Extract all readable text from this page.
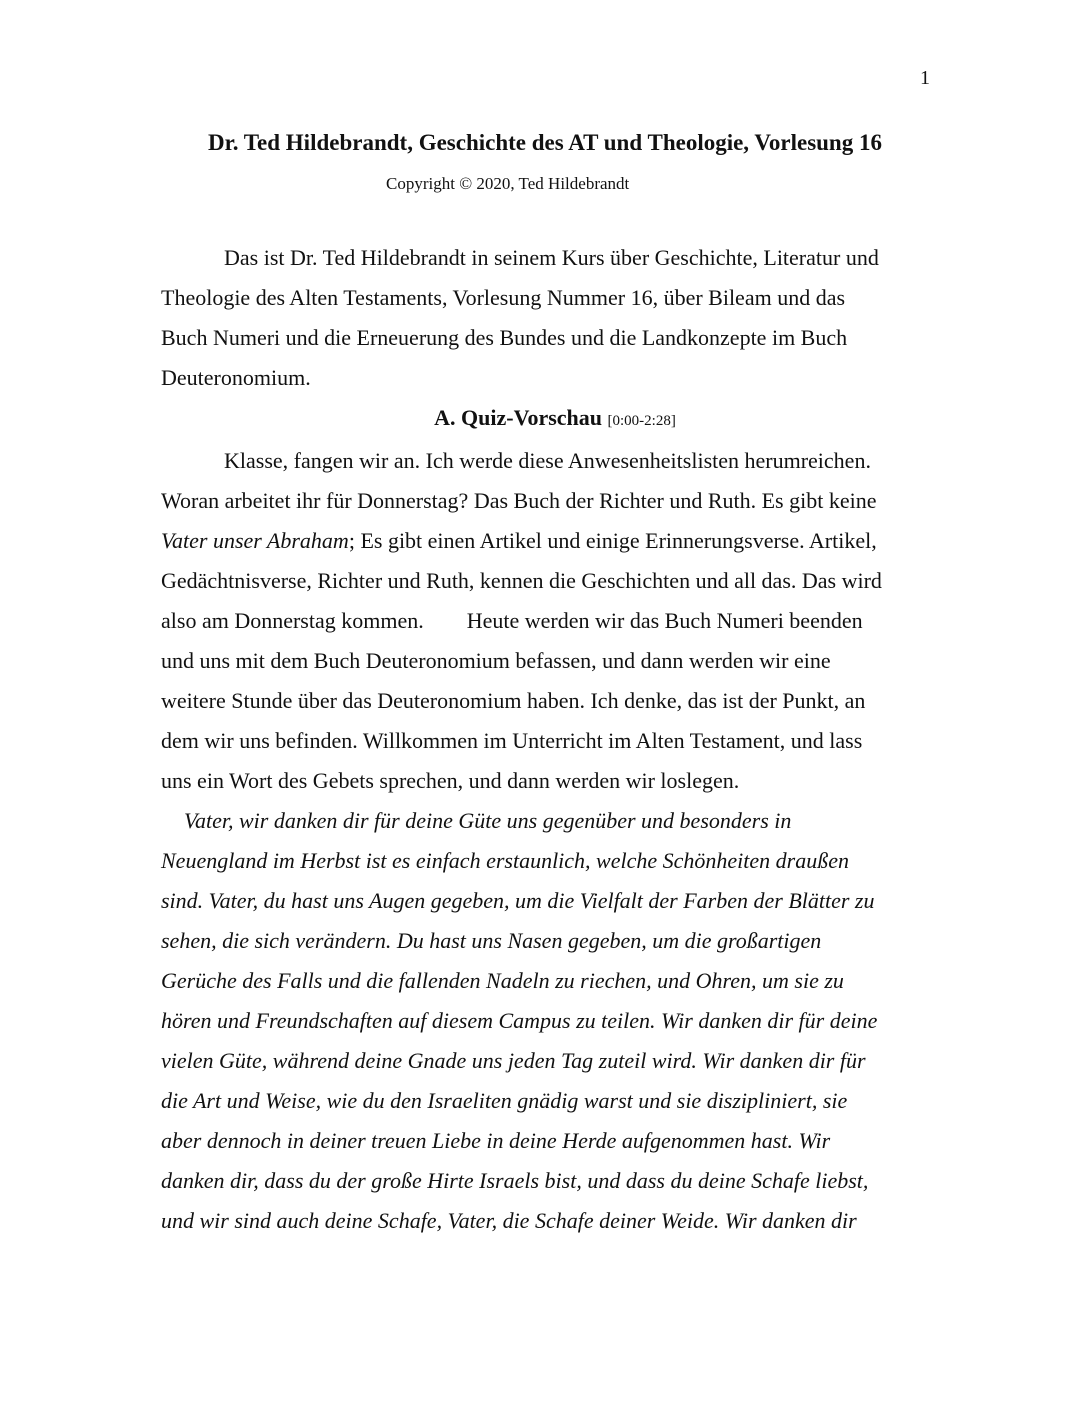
1
Dr. Ted Hildebrandt, Geschichte des AT und Theologie, Vorlesung 16
Copyright © 2020, Ted Hildebrandt

Das ist Dr. Ted Hildebrandt in seinem Kurs über Geschichte, Literatur und
Theologie des Alten Testaments, Vorlesung Nummer 16, über Bileam und das
Buch Numeri und die Erneuerung des Bundes und die Landkonzepte im Buch
Deuteronomium.

A. Quiz-Vorschau [0:00-2:28]

Klasse, fangen wir an. Ich werde diese Anwesenheitslisten herumreichen.
Woran arbeitet ihr für Donnerstag? Das Buch der Richter und Ruth. Es gibt keine
Vater unser Abraham; Es gibt einen Artikel und einige Erinnerungsverse. Artikel,
Gedächtnisverse, Richter und Ruth, kennen die Geschichten und all das. Das wird
also am Donnerstag kommen. Heute werden wir das Buch Numeri beenden
und uns mit dem Buch Deuteronomium befassen, und dann werden wir eine
weitere Stunde über das Deuteronomium haben. Ich denke, das ist der Punkt, an
dem wir uns befinden. Willkommen im Unterricht im Alten Testament, und lass
uns ein Wort des Gebets sprechen, und dann werden wir loslegen.

Vater, wir danken dir für deine Güte uns gegenüber und besonders in
Neuengland im Herbst ist es einfach erstaunlich, welche Schönheiten draußen
sind. Vater, du hast uns Augen gegeben, um die Vielfalt der Farben der Blätter zu
sehen, die sich verändern. Du hast uns Nasen gegeben, um die großartigen
Gerüche des Falls und die fallenden Nadeln zu riechen, und Ohren, um sie zu
hören und Freundschaften auf diesem Campus zu teilen. Wir danken dir für deine
vielen Güte, während deine Gnade uns jeden Tag zuteil wird. Wir danken dir für
die Art und Weise, wie du den Israeliten gnädig warst und sie diszipliniert, sie
aber dennoch in deiner treuen Liebe in deine Herde aufgenommen hast. Wir
danken dir, dass du der große Hirte Israels bist, und dass du deine Schafe liebst,
und wir sind auch deine Schafe, Vater, die Schafe deiner Weide. Wir danken dir
